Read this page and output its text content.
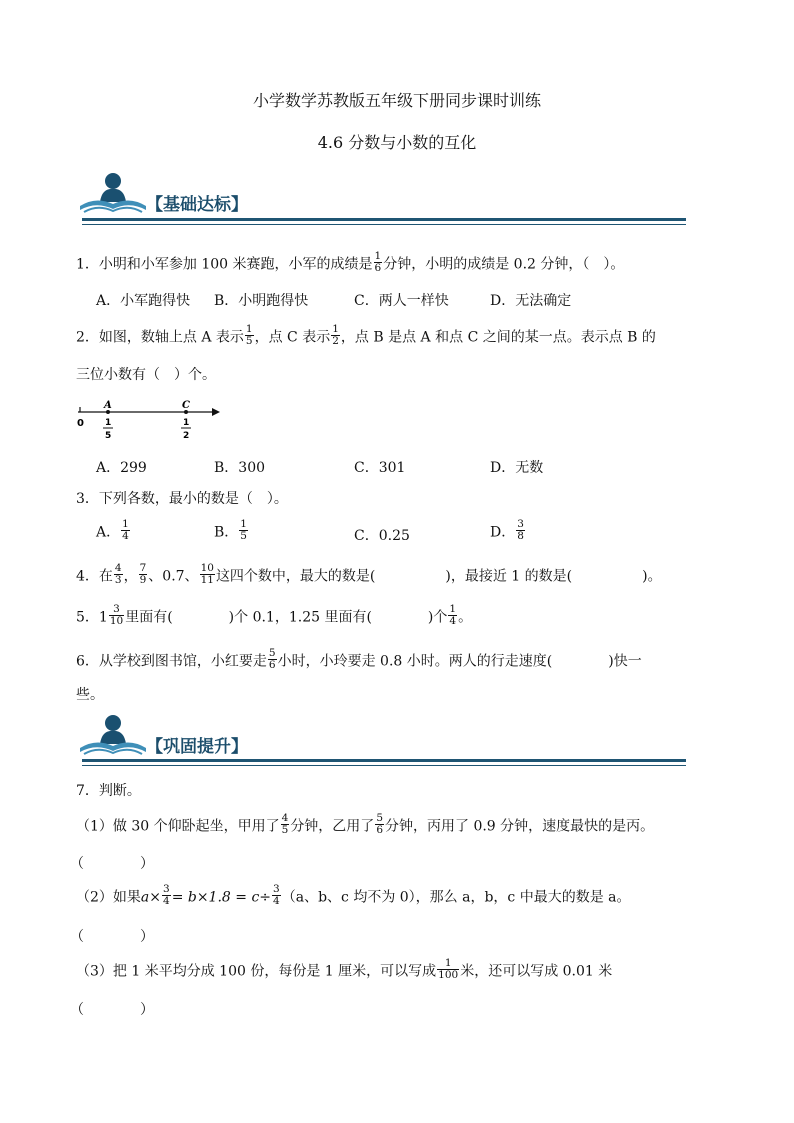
小学数学苏教版五年级下册同步课时训练
4.6 分数与小数的互化
【基础达标】
1．小明和小军参加 100 米赛跑，小军的成绩是 $\frac{1}{6}$ 分钟，小明的成绩是 0.2 分钟，（　）。
A．小军跑得快 B．小明跑得快	C．两人一样快	D．无法确定
2．如图，数轴上点 A 表示 $\frac{1}{5}$ ，点 C 表示 $\frac{1}{2}$ ，点 B 是点 A 和点 C 之间的某一点。表示点 B 的
三位小数有（　）个。
0
A	C
1
5
1
2
A．299	B．300	C．301	D．无数
3．下列各数，最小的数是（　）。
A． $\frac{1}{4}$	B． $\frac{1}{5}$	C．0.25	D． $\frac{3}{8}$
4．在 $\frac{4}{3}$ ， $\frac{7}{9}$ 、0.7、 $\frac{10}{11}$ 这四个数中，最大的数是(　　　　　)，最接近 1 的数是(　　　　　)。
5．$1 \frac{3}{10}$ 里面有(　　　　)个 0.1，1.25 里面有(　　　　)个 $\frac{1}{4}$ 。
6．从学校到图书馆，小红要走 $\frac{5}{6}$ 小时，小玲要走 0.8 小时。两人的行走速度(　　　　)快一
些。
【巩固提升】
7．判断。
（1）做 30 个仰卧起坐，甲用了 $\frac{4}{5}$ 分钟，乙用了 $\frac{5}{6}$ 分钟，丙用了 0.9 分钟，速度最快的是丙。
（　　　　）
（2）如果$a\times \frac{3}{4} = b\times 1.8 = c\div \frac{3}{4} (a$、b、c 均不为 0），那么 a，b，c 中最大的数是 a。
（　　　　）
（3）把 1 米平均分成 100 份，每份是 1 厘米，可以写成 $\frac{1}{100}$ 米，还可以写成 0.01 米
（　　　　）
